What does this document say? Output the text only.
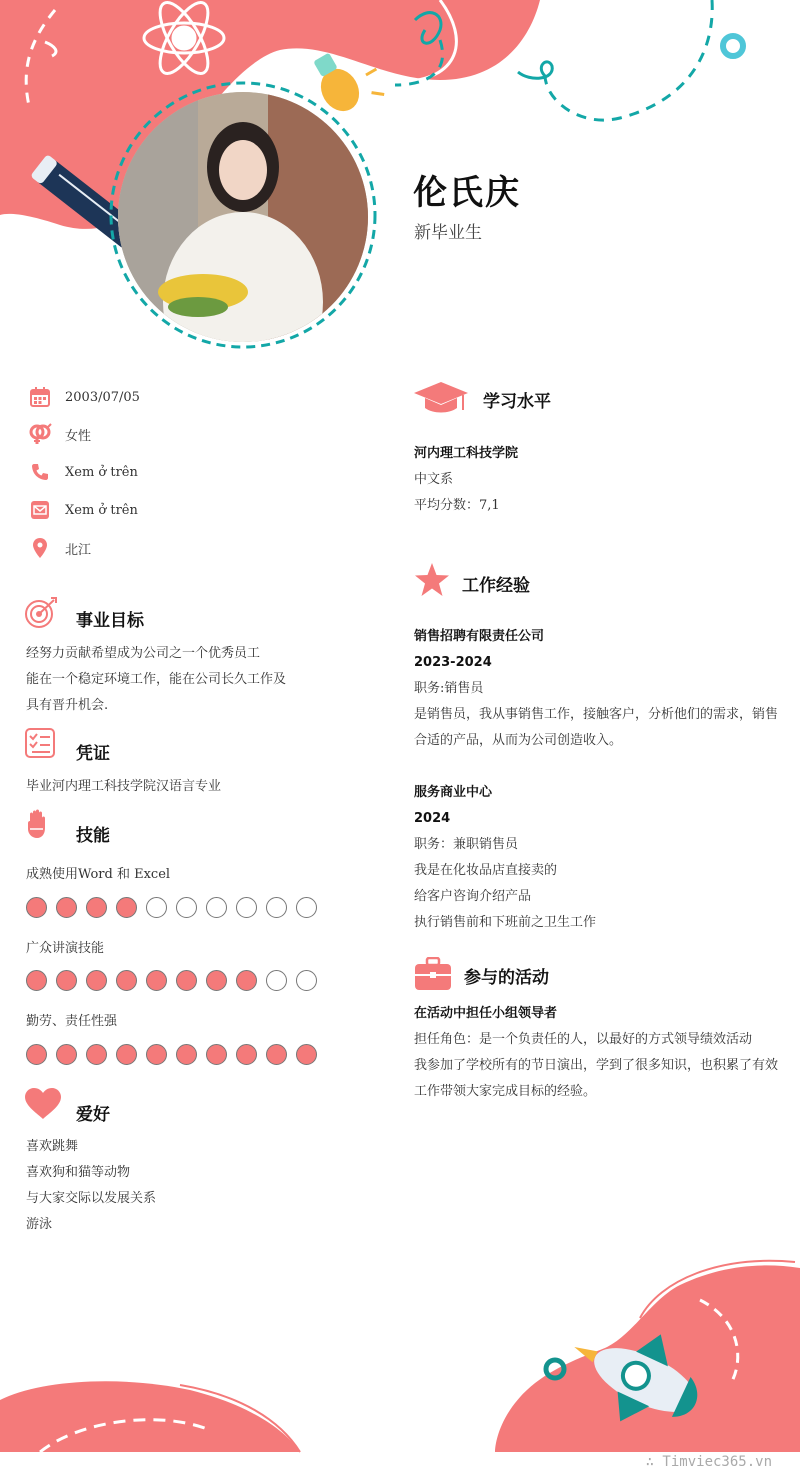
伦氏庆
新毕业生
2003/07/05
女性
Xem ở trên
Xem ở trên
北江
事业目标
经努力贡献希望成为公司之一个优秀员工
能在一个稳定环境工作，能在公司长久工作及
具有晋升机会.
凭证
毕业河内理工科技学院汉语言专业
技能
成熟使用Word 和 Excel
广众讲演技能
勤劳、责任性强
爱好
喜欢跳舞
喜欢狗和猫等动物
与大家交际以发展关系
游泳
学习水平
河内理工科技学院
中文系
平均分数：7,1
工作经验
销售招聘有限责任公司
2023-2024
职务:销售员
是销售员，我从事销售工作，接触客户，分析他们的需求，销售合适的产品，从而为公司创造收入。
服务商业中心
2024
职务：兼职销售员
我是在化妆品店直接卖的
给客户咨询介绍产品
执行销售前和下班前之卫生工作
参与的活动
在活动中担任小组领导者
担任角色：是一个负责任的人，以最好的方式领导绩效活动
我参加了学校所有的节日演出，学到了很多知识，也积累了有效工作带领大家完成目标的经验。
∴ Timviec365.vn
